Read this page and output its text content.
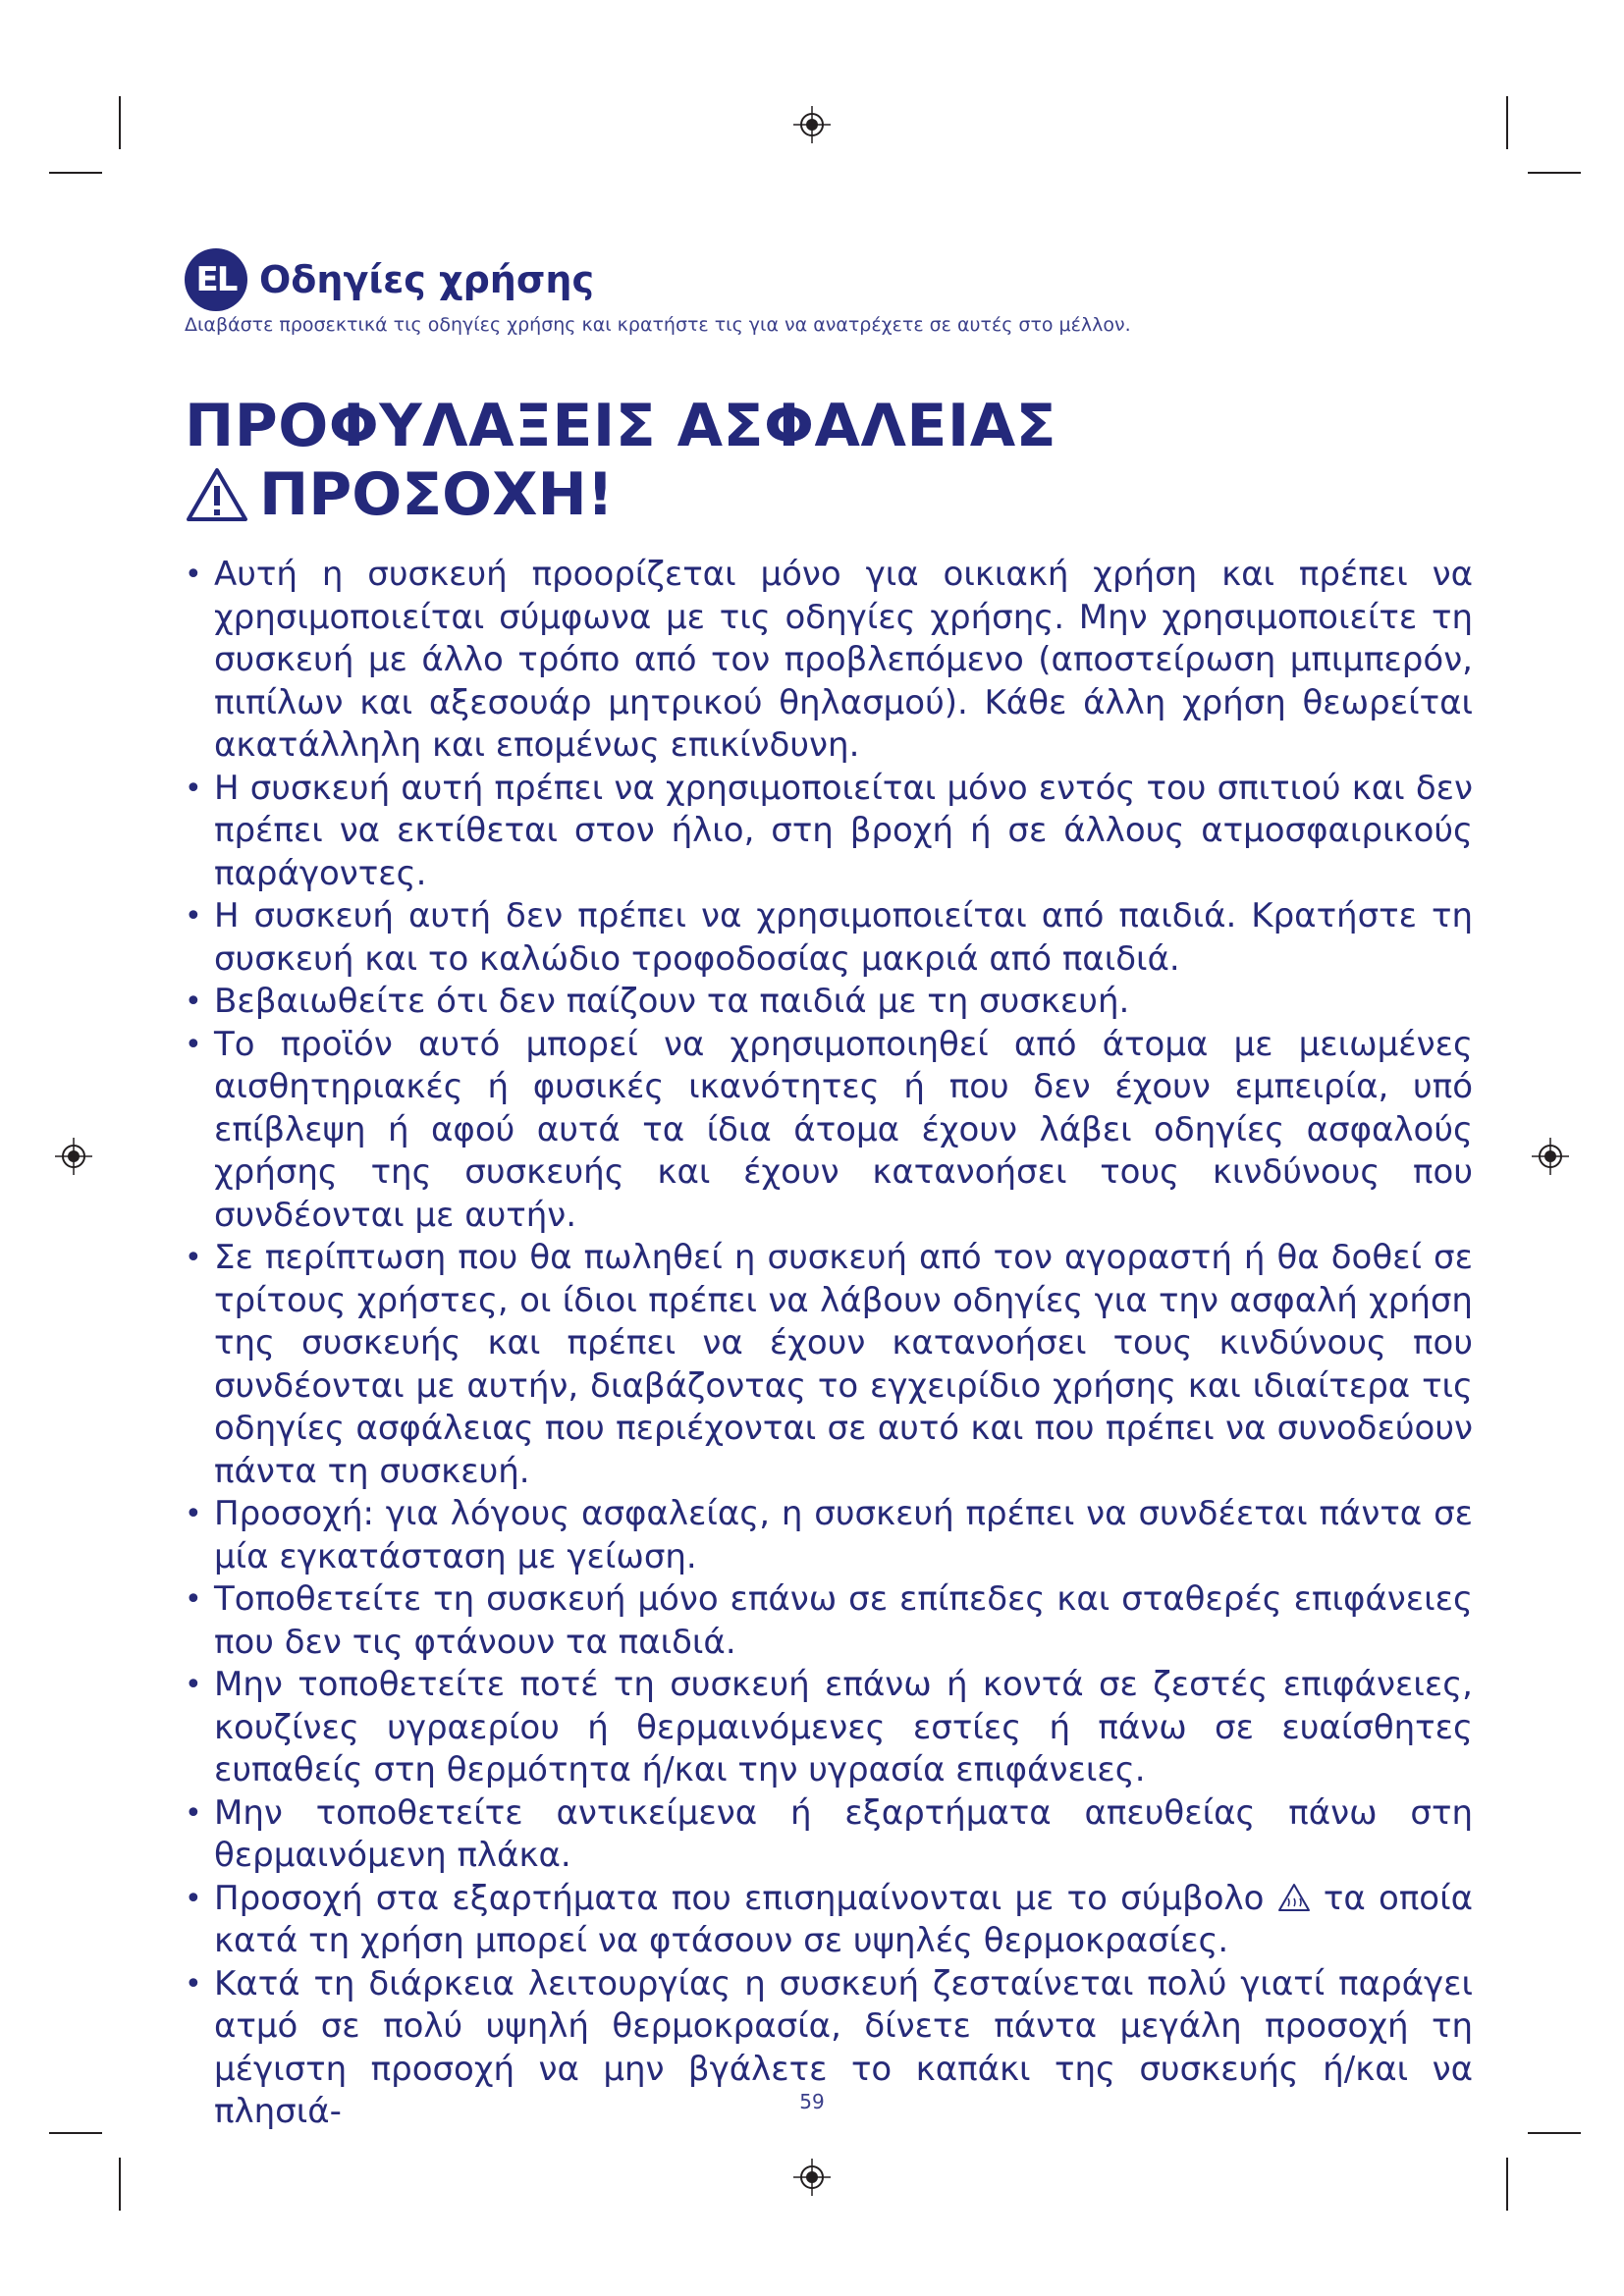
EL Οδηγίες χρήσης
Διαβάστε προσεκτικά τις οδηγίες χρήσης και κρατήστε τις για να ανατρέχετε σε αυτές στο μέλλον.
ΠΡΟΦΥΛΑΞΕΙΣ ΑΣΦΑΛΕΙΑΣ
ΠΡΟΣΟΧΗ!
• Αυτή η συσκευή προορίζεται μόνο για οικιακή χρήση και πρέπει να χρησιμοποιείται σύμφωνα με τις οδηγίες χρήσης. Μην χρησιμοποιείτε τη συσκευή με άλλο τρόπο από τον προβλεπόμενο (αποστείρωση μπιμπερόν, πιπίλων και αξεσουάρ μητρικού θηλασμού). Κάθε άλλη χρήση θεωρείται ακατάλληλη και επομένως επικίνδυνη.
• Η συσκευή αυτή πρέπει να χρησιμοποιείται μόνο εντός του σπιτιού και δεν πρέπει να εκτίθεται στον ήλιο, στη βροχή ή σε άλλους ατμοσφαιρικούς παράγοντες.
• Η συσκευή αυτή δεν πρέπει να χρησιμοποιείται από παιδιά. Κρατήστε τη συσκευή και το καλώδιο τροφοδοσίας μακριά από παιδιά.
• Βεβαιωθείτε ότι δεν παίζουν τα παιδιά με τη συσκευή.
• Το προϊόν αυτό μπορεί να χρησιμοποιηθεί από άτομα με μειωμένες αισθητηριακές ή φυσικές ικανότητες ή που δεν έχουν εμπειρία, υπό επίβλεψη ή αφού αυτά τα ίδια άτομα έχουν λάβει οδηγίες ασφαλούς χρήσης της συσκευής και έχουν κατανοήσει τους κινδύνους που συνδέονται με αυτήν.
• Σε περίπτωση που θα πωληθεί η συσκευή από τον αγοραστή ή θα δοθεί σε τρίτους χρήστες, οι ίδιοι πρέπει να λάβουν οδηγίες για την ασφαλή χρήση της συσκευής και πρέπει να έχουν κατανοήσει τους κινδύνους που συνδέονται με αυτήν, διαβάζοντας το εγχειρίδιο χρήσης και ιδιαίτερα τις οδηγίες ασφάλειας που περιέχονται σε αυτό και που πρέπει να συνοδεύουν πάντα τη συσκευή.
• Προσοχή: για λόγους ασφαλείας, η συσκευή πρέπει να συνδέεται πάντα σε μία εγκατάσταση με γείωση.
• Τοποθετείτε τη συσκευή μόνο επάνω σε επίπεδες και σταθερές επιφάνειες που δεν τις φτάνουν τα παιδιά.
• Μην τοποθετείτε ποτέ τη συσκευή επάνω ή κοντά σε ζεστές επιφάνειες, κουζίνες υγραερίου ή θερμαινόμενες εστίες ή πάνω σε ευαίσθητες ευπαθείς στη θερμότητα ή/και την υγρασία επιφάνειες.
• Μην τοποθετείτε αντικείμενα ή εξαρτήματα απευθείας πάνω στη θερμαινόμενη πλάκα.
• Προσοχή στα εξαρτήματα που επισημαίνονται με το σύμβολο τα οποία κατά τη χρήση μπορεί να φτάσουν σε υψηλές θερμοκρασίες.
• Κατά τη διάρκεια λειτουργίας η συσκευή ζεσταίνεται πολύ γιατί παράγει ατμό σε πολύ υψηλή θερμοκρασία, δίνετε πάντα μεγάλη προσοχή τη μέγιστη προσοχή να μην βγάλετε το καπάκι της συσκευής ή/και να πλησιά-	59
